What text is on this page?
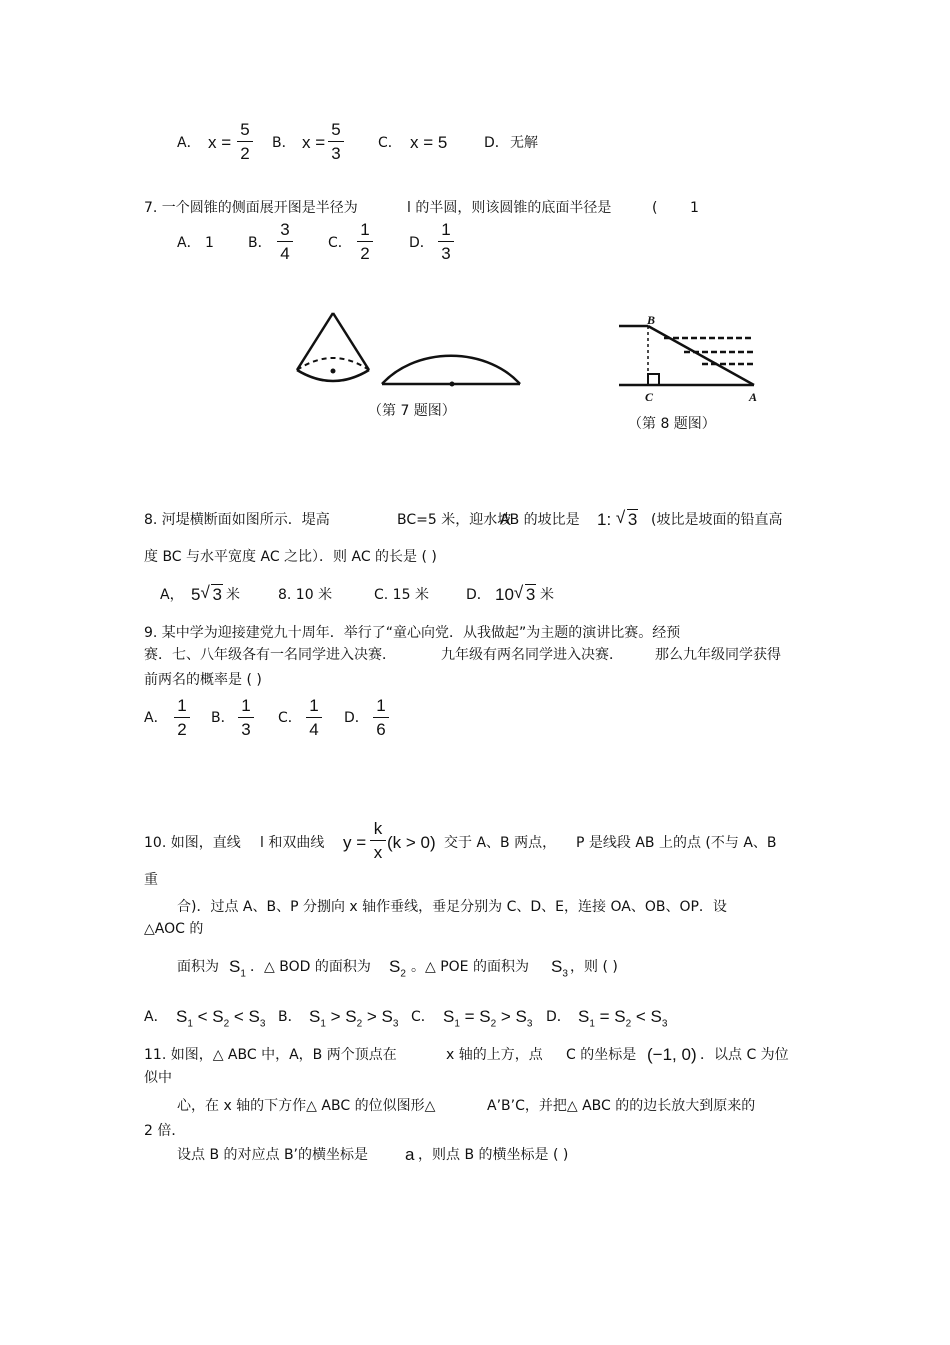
A． x =
5
2
B． x =
5
3
C． x = 5	D． 无解
7. 一个圆锥的侧面展开图是半径为	l 的半圆，则该圆锥的底面半径是	( 1
A． 1 B．
3
4
C．
1
2
D．
1
3
B
C	A
（第 7 题图）
（第 8 题图）
8. 河堤横断面如图所示．堤高	BC=5 米，迎水坡
AB 的坡比是 1: √ 3 (坡比是坡面的铅直高
度 BC 与水平宽度 AC 之比）．则 AC 的长是 ( )
A， 5 √ 3 米	8. 10 米	C. 15 米	D． 10 √ 3 米
9. 某中学为迎接建党九十周年．举行了“童心向党．从我做起”为主题的演讲比赛。经预
赛．七、八年级各有一名同学进入决赛．	九年级有两名同学进入决赛． 那么九年级同学获得
前两名的概率是 ( )
A．
1
2
B．
1
3
C．
1
4
D．
1
6
10. 如图，直线 l 和双曲线 y =
k
x
(k > 0) 交于 A、B 两点， P 是线段 AB 上的点 (不与 A、B
重
合)．过点 A、B、P 分捌向 x 轴作垂线，垂足分别为 C、D、E，连接 OA、OB、OP．设
△AOC 的
面积为 $S_1$ ．△ BOD 的面积为 $S_2$ 。△ POE 的面积为 $S_3$ ，则 ( )
A． $S_1 < S_2 < S_3$ B． $S_1 > S_2 > S_3$ C． $S_1 = S_2 > S_3$ D． $S_1 = S_2 < S_3$
11. 如图，△ ABC 中，A，B 两个顶点在	x 轴的上方，点 C 的坐标是 (−1, 0) ．以点 C 为位
似中
心，在 x 轴的下方作△ ABC 的位似图形△	A’B’C，并把△ ABC 的的边长放大到原来的
2 倍．
设点 B 的对应点 B’的横坐标是 a ，则点 B 的横坐标是 ( )
